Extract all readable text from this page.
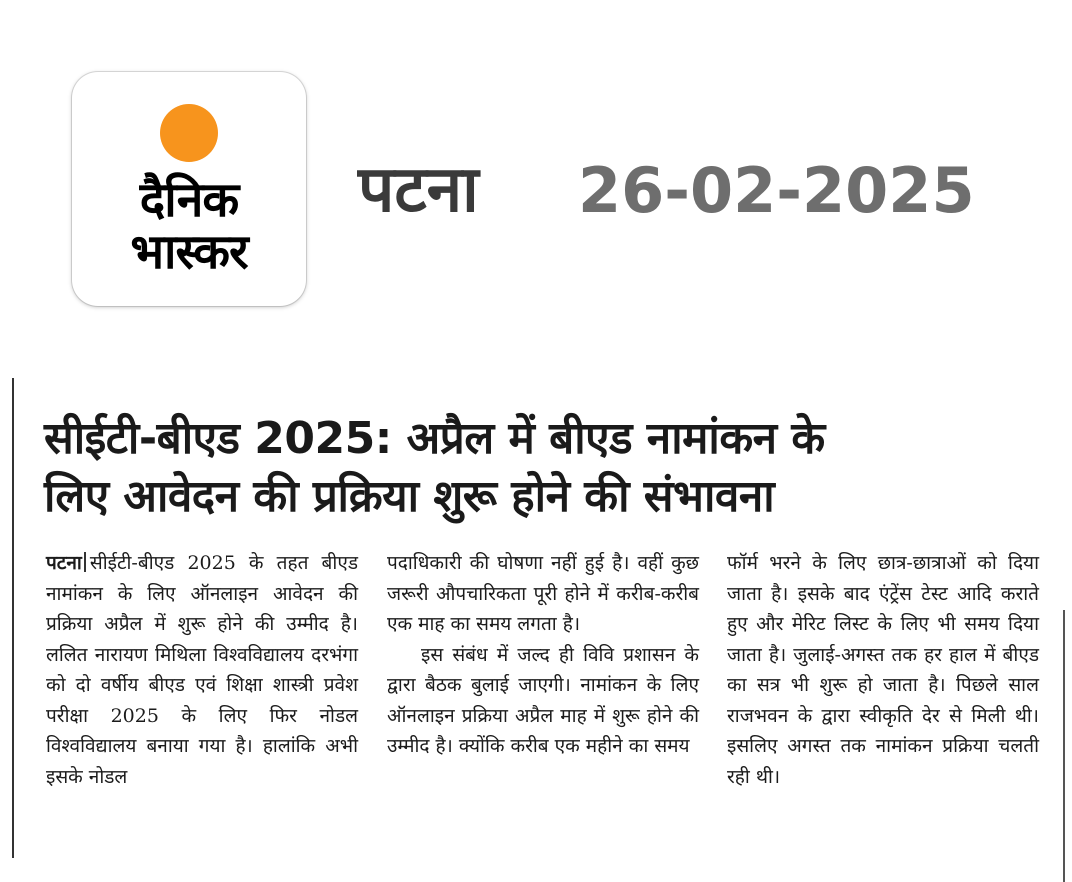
दैनिक
भास्कर
पटना 26-02-2025
सीईटी-बीएड 2025: अप्रैल में बीएड नामांकन के
लिए आवेदन की प्रक्रिया शुरू होने की संभावना

पटना सीईटी-बीएड 2025 के तहत बीएड नामांकन के लिए ऑनलाइन आवेदन की प्रक्रिया अप्रैल में शुरू होने की उम्मीद है। ललित नारायण मिथिला विश्वविद्यालय दरभंगा को दो वर्षीय बीएड एवं शिक्षा शास्त्री प्रवेश परीक्षा 2025 के लिए फिर नोडल विश्वविद्यालय बनाया गया है। हालांकि अभी इसके नोडल

पदाधिकारी की घोषणा नहीं हुई है। वहीं कुछ जरूरी औपचारिकता पूरी होने में करीब-करीब एक माह का समय लगता है।

इस संबंध में जल्द ही विवि प्रशासन के द्वारा बैठक बुलाई जाएगी। नामांकन के लिए ऑनलाइन प्रक्रिया अप्रैल माह में शुरू होने की उम्मीद है। क्योंकि करीब एक महीने का समय

फॉर्म भरने के लिए छात्र-छात्राओं को दिया जाता है। इसके बाद एंट्रेंस टेस्ट आदि कराते हुए और मेरिट लिस्ट के लिए भी समय दिया जाता है। जुलाई-अगस्त तक हर हाल में बीएड का सत्र भी शुरू हो जाता है। पिछले साल राजभवन के द्वारा स्वीकृति देर से मिली थी। इसलिए अगस्त तक नामांकन प्रक्रिया चलती रही थी।
